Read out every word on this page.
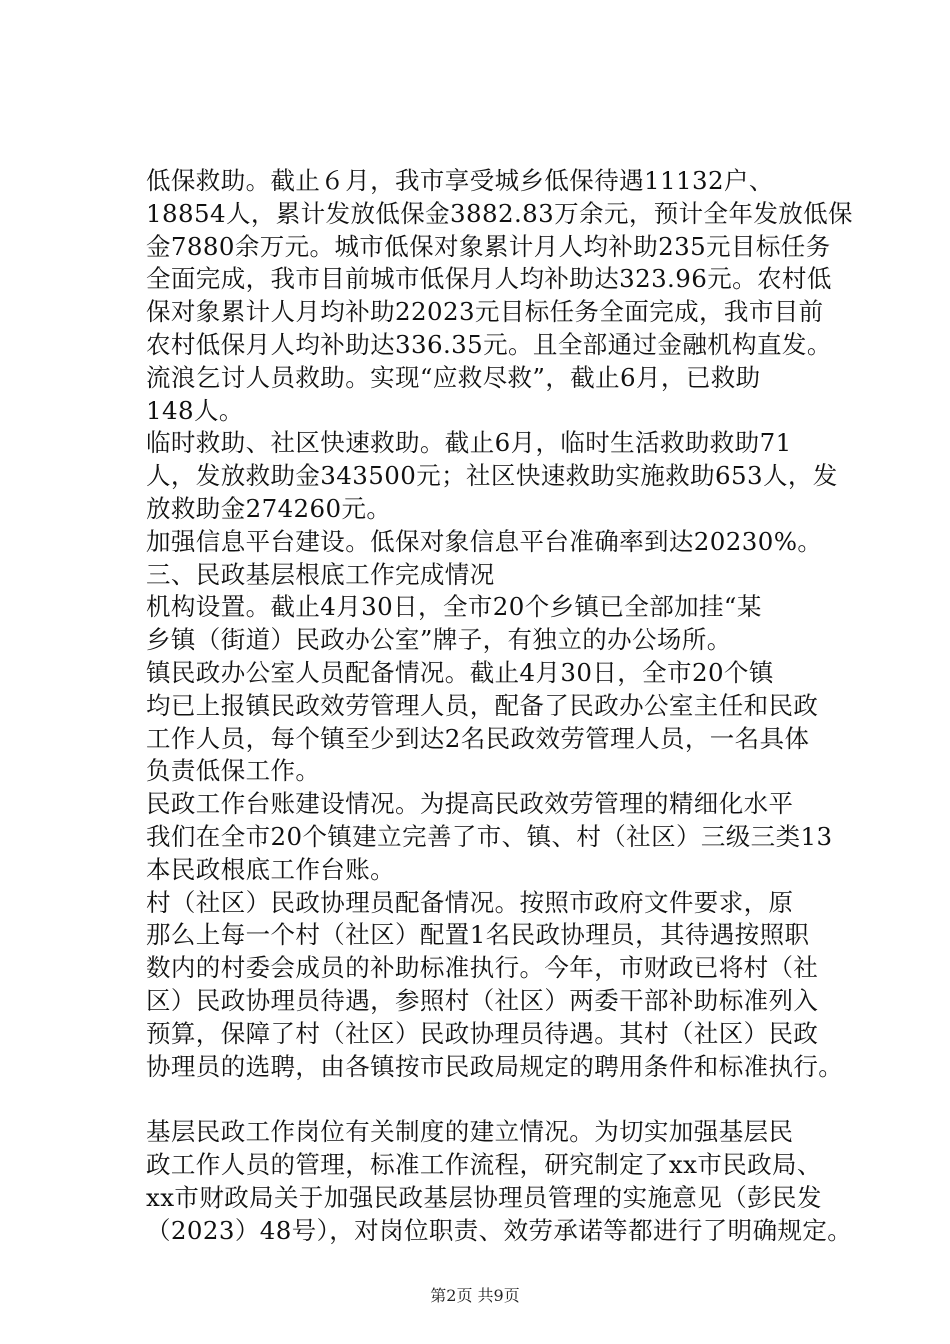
低保救助。截止６月，我市享受城乡低保待遇11132户、
18854人，累计发放低保金3882.83万余元，预计全年发放低保
金7880余万元。城市低保对象累计月人均补助235元目标任务
全面完成，我市目前城市低保月人均补助达323.96元。农村低
保对象累计人月均补助22023元目标任务全面完成，我市目前
农村低保月人均补助达336.35元。且全部通过金融机构直发。
流浪乞讨人员救助。实现“应救尽救”，截止6月，已救助
148人。
临时救助、社区快速救助。截止6月，临时生活救助救助71
人，发放救助金343500元；社区快速救助实施救助653人，发
放救助金274260元。
加强信息平台建设。低保对象信息平台准确率到达20230%。
三、民政基层根底工作完成情况
机构设置。截止4月30日，全市20个乡镇已全部加挂“某
乡镇（街道）民政办公室”牌子，有独立的办公场所。
镇民政办公室人员配备情况。截止4月30日，全市20个镇
均已上报镇民政效劳管理人员，配备了民政办公室主任和民政
工作人员，每个镇至少到达2名民政效劳管理人员，一名具体
负责低保工作。
民政工作台账建设情况。为提高民政效劳管理的精细化水平
我们在全市20个镇建立完善了市、镇、村（社区）三级三类13
本民政根底工作台账。
村（社区）民政协理员配备情况。按照市政府文件要求，原
那么上每一个村（社区）配置1名民政协理员，其待遇按照职
数内的村委会成员的补助标准执行。今年，市财政已将村（社
区）民政协理员待遇，参照村（社区）两委干部补助标准列入
预算，保障了村（社区）民政协理员待遇。其村（社区）民政
协理员的选聘，由各镇按市民政局规定的聘用条件和标准执行。
基层民政工作岗位有关制度的建立情况。为切实加强基层民
政工作人员的管理，标准工作流程，研究制定了xx市民政局、
xx市财政局关于加强民政基层协理员管理的实施意见（彭民发
（2023）48号），对岗位职责、效劳承诺等都进行了明确规定。
第2页 共9页
